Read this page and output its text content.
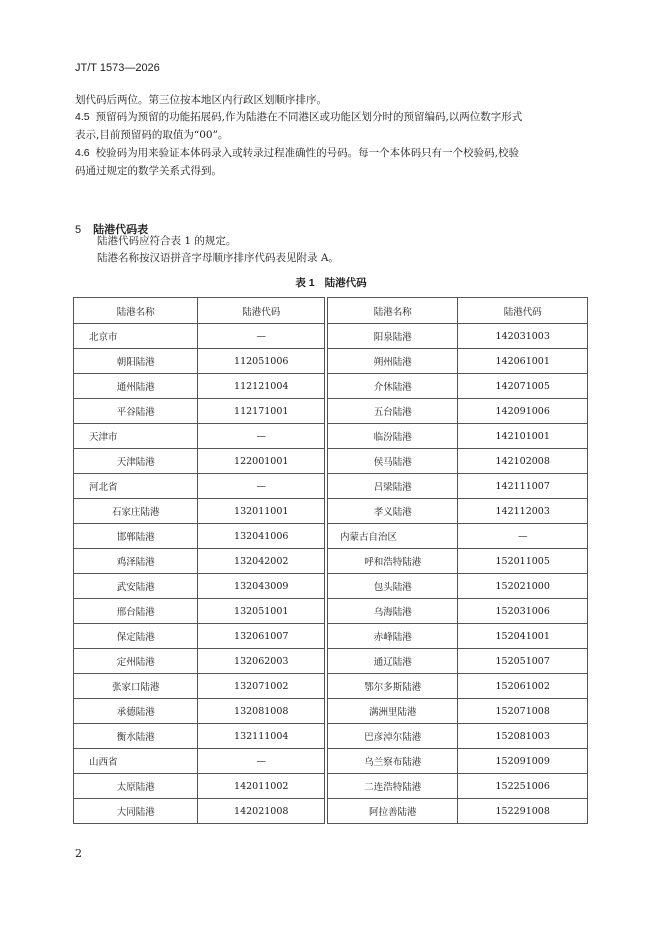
JT/T 1573—2026
划代码后两位。第三位按本地区内行政区划顺序排序。
4.5 预留码为预留的功能拓展码,作为陆港在不同港区或功能区划分时的预留编码,以两位数字形式
表示,目前预留码的取值为“00”。
4.6 校验码为用来验证本体码录入或转录过程准确性的号码。每一个本体码只有一个校验码,校验
码通过规定的数学关系式得到。
5 陆港代码表
陆港代码应符合表 1 的规定。
陆港名称按汉语拼音字母顺序排序代码表见附录 A。
表 1 陆港代码
陆港名称	陆港代码		陆港名称	陆港代码
北京市	—		阳泉陆港	142031003
朝阳陆港	112051006		朔州陆港	142061001
通州陆港	112121004		介休陆港	142071005
平谷陆港	112171001		五台陆港	142091006
天津市	—		临汾陆港	142101001
天津陆港	122001001		侯马陆港	142102008
河北省	—		吕梁陆港	142111007
石家庄陆港	132011001		孝义陆港	142112003
邯郸陆港	132041006		内蒙古自治区	—
鸡泽陆港	132042002		呼和浩特陆港	152011005
武安陆港	132043009		包头陆港	152021000
邢台陆港	132051001		乌海陆港	152031006
保定陆港	132061007		赤峰陆港	152041001
定州陆港	132062003		通辽陆港	152051007
张家口陆港	132071002		鄂尔多斯陆港	152061002
承德陆港	132081008		满洲里陆港	152071008
衡水陆港	132111004		巴彦淖尔陆港	152081003
山西省	—		乌兰察布陆港	152091009
太原陆港	142011002		二连浩特陆港	152251006
大同陆港	142021008		阿拉善陆港	152291008
2
